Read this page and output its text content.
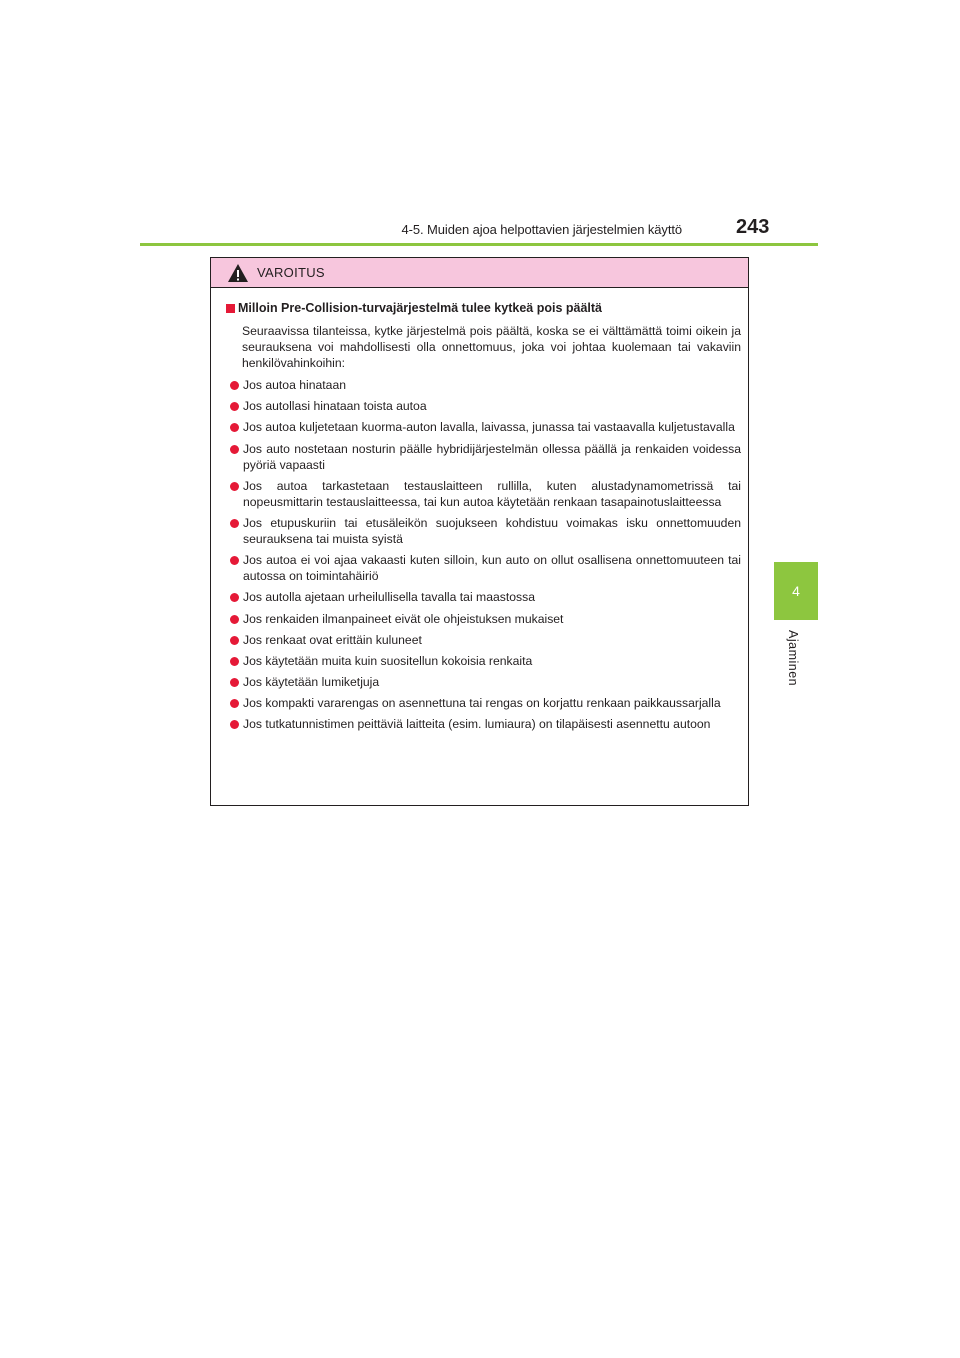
4-5. Muiden ajoa helpottavien järjestelmien käyttö	243
4
Ajaminen
VAROITUS
Milloin Pre-Collision-turvajärjestelmä tulee kytkeä pois päältä

Seuraavissa tilanteissa, kytke järjestelmä pois päältä, koska se ei välttämättä toimi oikein ja seurauksena voi mahdollisesti olla onnettomuus, joka voi johtaa kuolemaan tai vakaviin henkilövahinkoihin:

Jos autoa hinataan
Jos autollasi hinataan toista autoa
Jos autoa kuljetetaan kuorma-auton lavalla, laivassa, junassa tai vastaavalla kuljetustavalla
Jos auto nostetaan nosturin päälle hybridijärjestelmän ollessa päällä ja renkaiden voidessa pyöriä vapaasti
Jos autoa tarkastetaan testauslaitteen rullilla, kuten alustadynamometrissä tai nopeusmittarin testauslaitteessa, tai kun autoa käytetään renkaan tasapainotuslaitteessa
Jos etupuskuriin tai etusäleikön suojukseen kohdistuu voimakas isku onnettomuuden seurauksena tai muista syistä
Jos autoa ei voi ajaa vakaasti kuten silloin, kun auto on ollut osallisena onnettomuuteen tai autossa on toimintahäiriö
Jos autolla ajetaan urheilullisella tavalla tai maastossa
Jos renkaiden ilmanpaineet eivät ole ohjeistuksen mukaiset
Jos renkaat ovat erittäin kuluneet
Jos käytetään muita kuin suositellun kokoisia renkaita
Jos käytetään lumiketjuja
Jos kompakti vararengas on asennettuna tai rengas on korjattu renkaan paikkaussarjalla
Jos tutkatunnistimen peittäviä laitteita (esim. lumiaura) on tilapäisesti asennettu autoon
